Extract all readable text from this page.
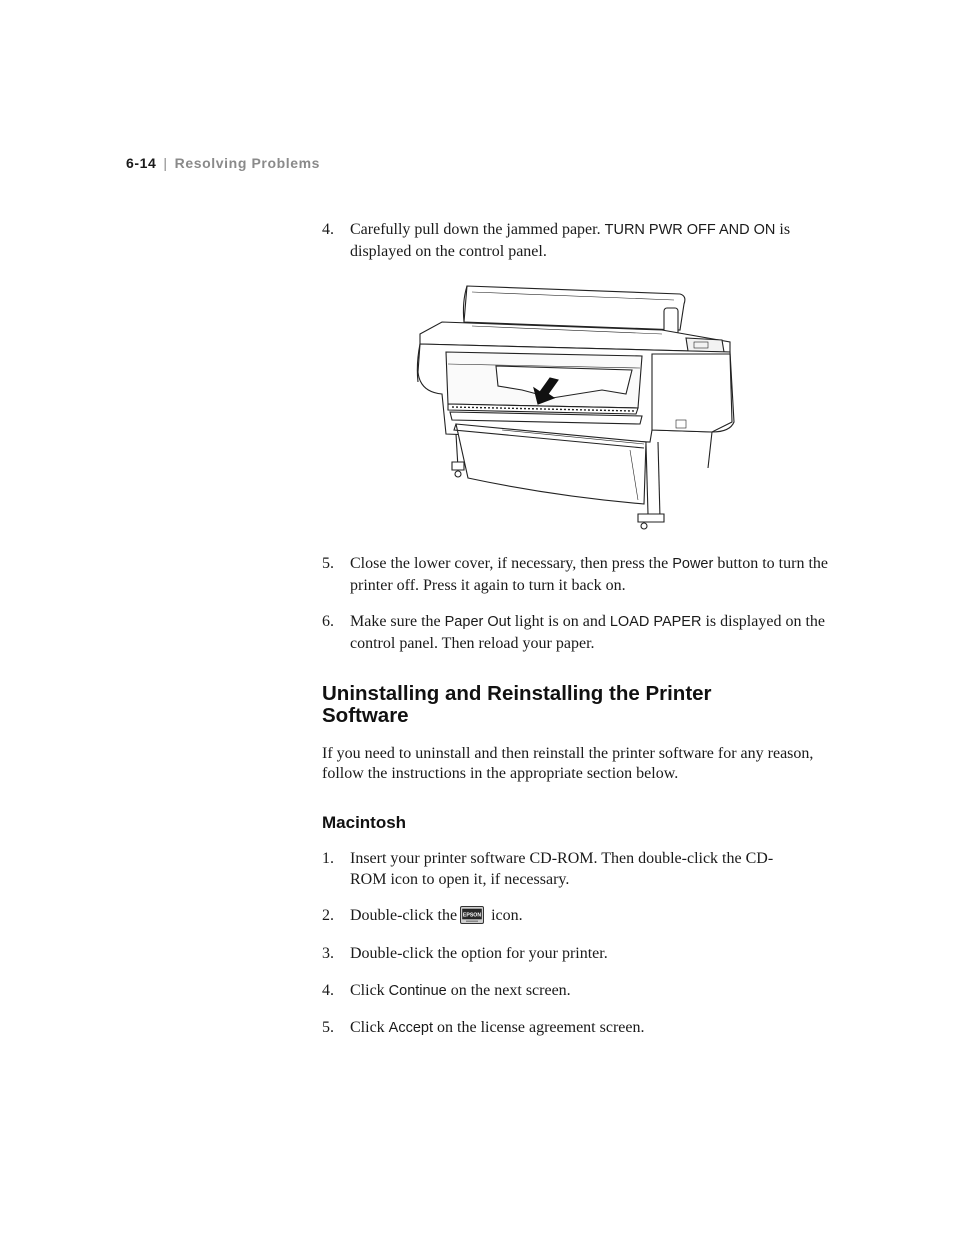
6-14 | Resolving Problems
4.	Carefully pull down the jammed paper. TURN PWR OFF AND ON is displayed on the control panel.
5.	Close the lower cover, if necessary, then press the Power button to turn the printer off. Press it again to turn it back on.
6.	Make sure the Paper Out light is on and LOAD PAPER is displayed on the control panel. Then reload your paper.
Uninstalling and Reinstalling the Printer Software
If you need to uninstall and then reinstall the printer software for any reason, follow the instructions in the appropriate section below.
Macintosh
1.	Insert your printer software CD-ROM. Then double-click the CD-ROM icon to open it, if necessary.
2.	Double-click the EPSON icon.
3.	Double-click the option for your printer.
4.	Click Continue on the next screen.
5.	Click Accept on the license agreement screen.
